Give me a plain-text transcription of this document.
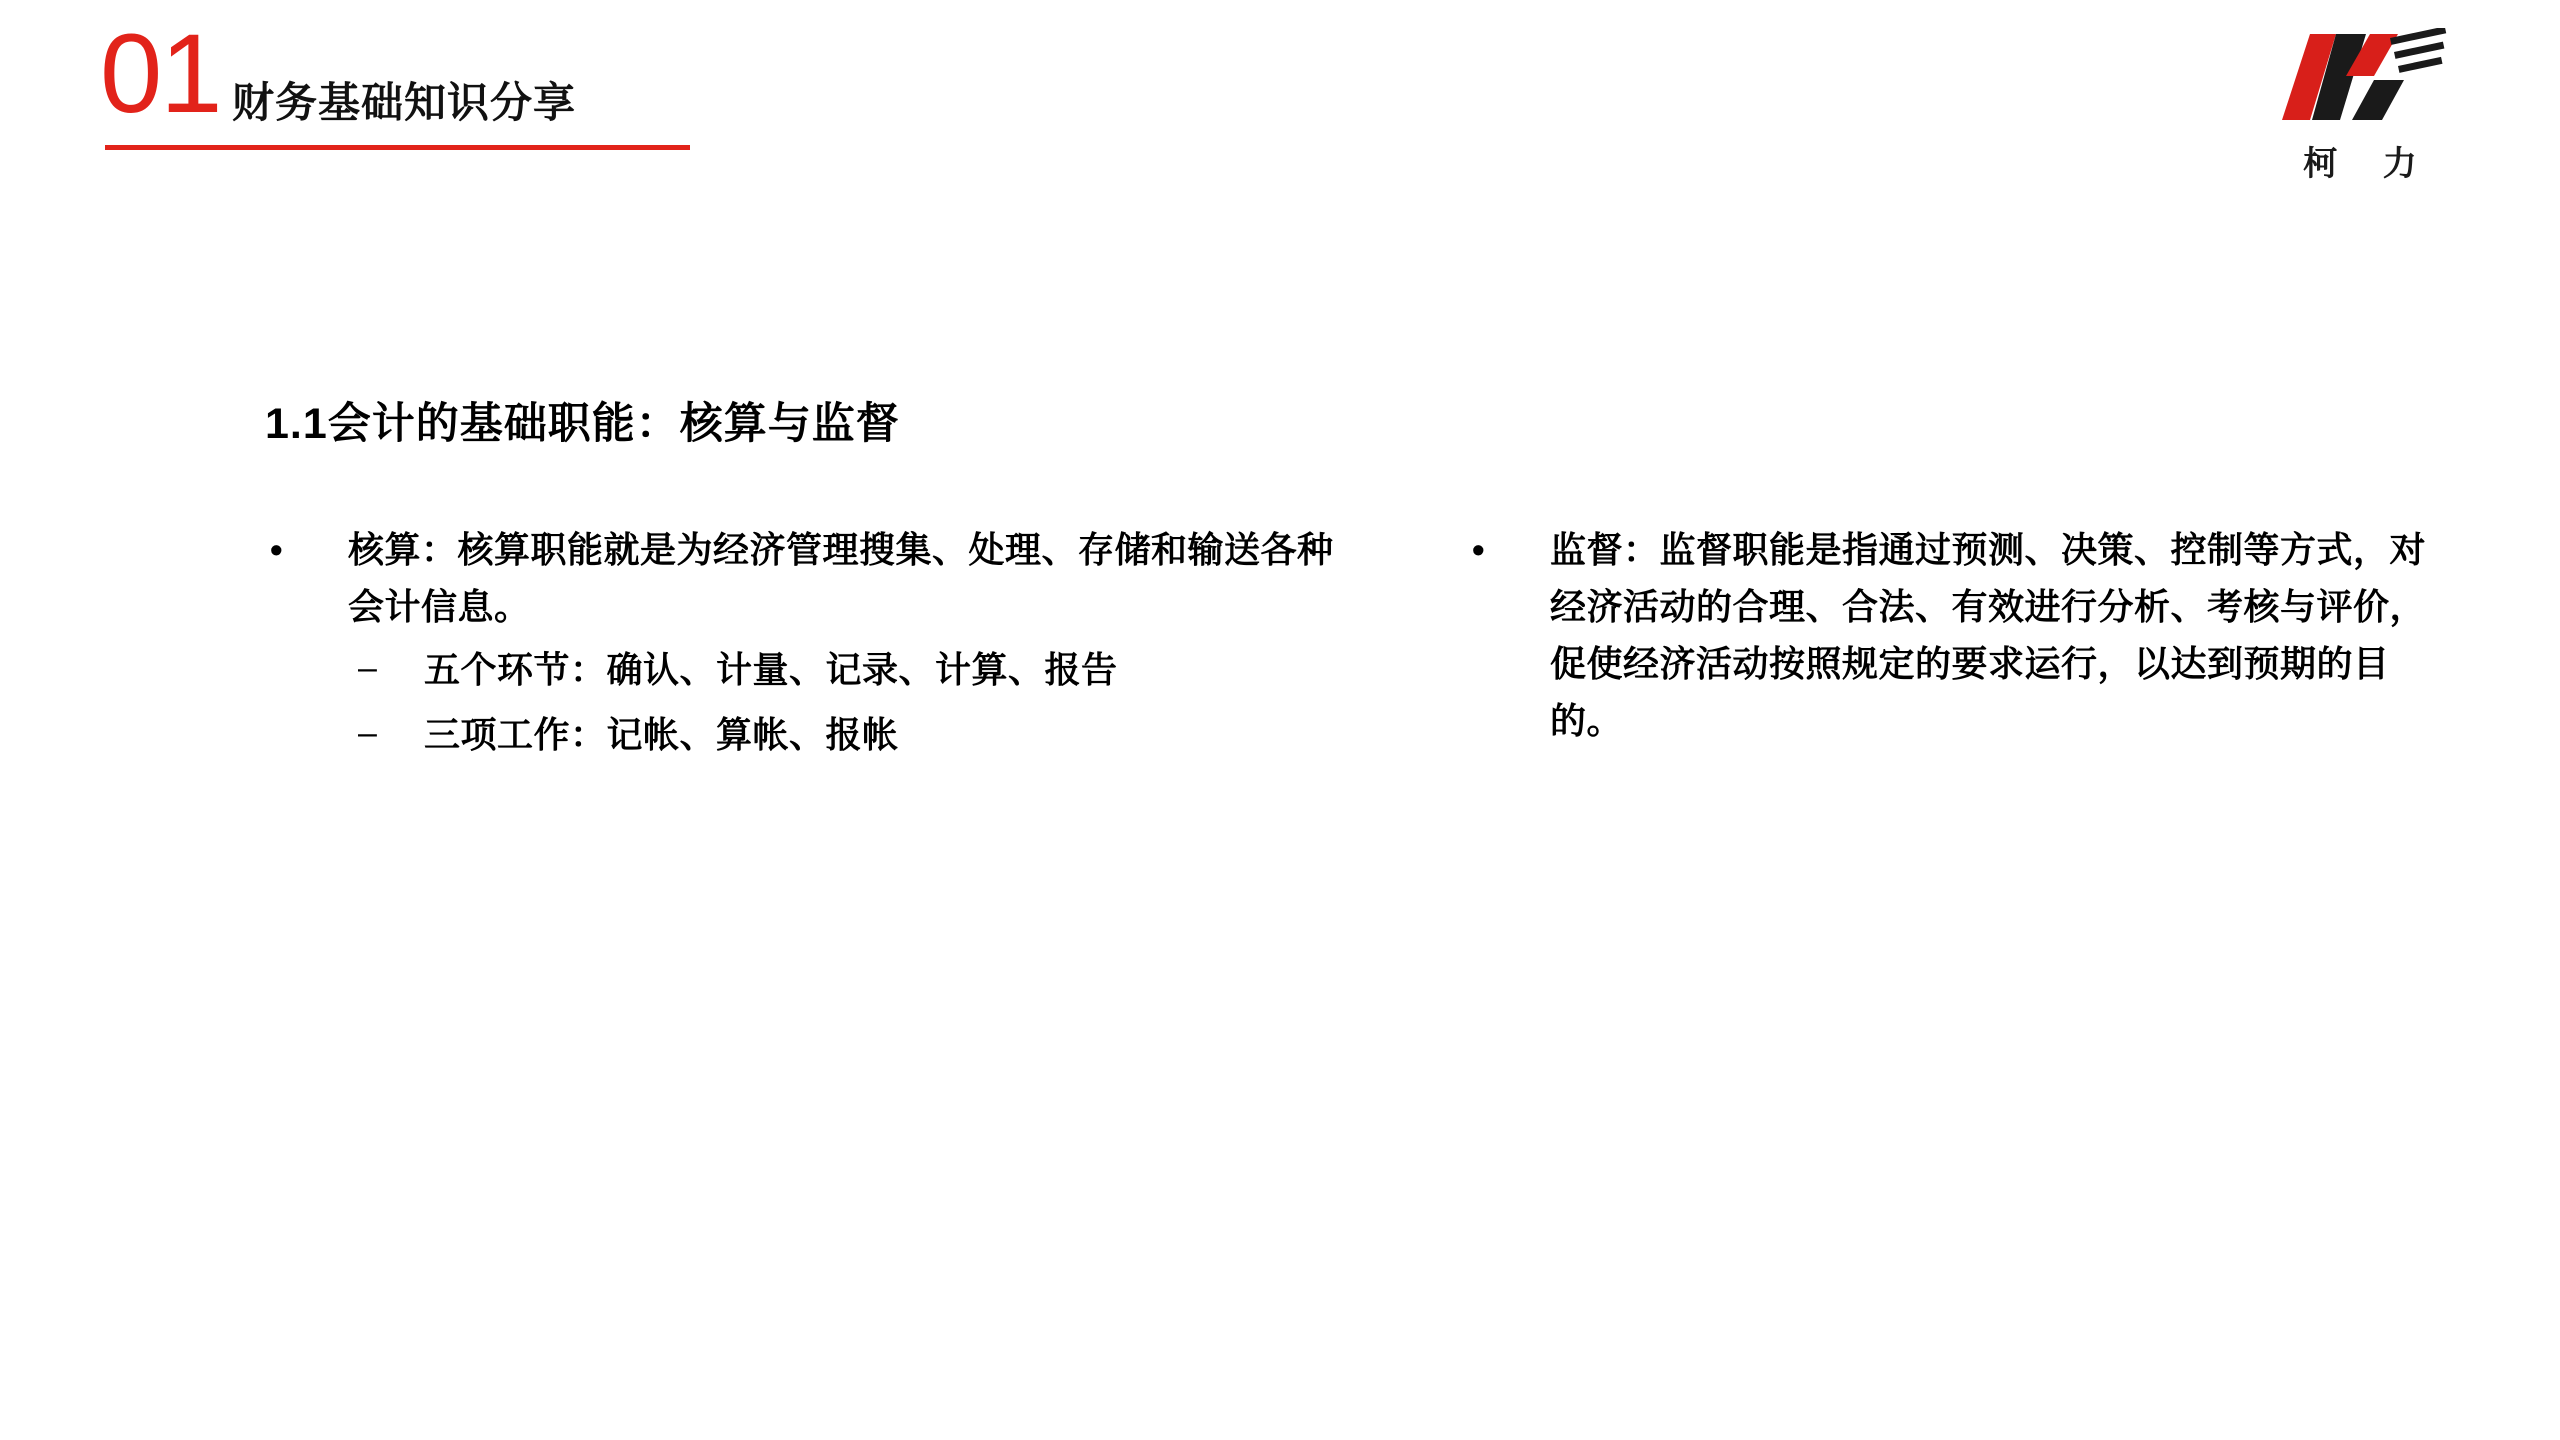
01 财务基础知识分享
柯 力
1.1会计的基础职能：核算与监督
• 核算：核算职能就是为经济管理搜集、处理、存储和输送各种会计信息。
– 五个环节：确认、计量、记录、计算、报告
– 三项工作：记帐、算帐、报帐
• 监督：监督职能是指通过预测、决策、控制等方式，对经济活动的合理、合法、有效进行分析、考核与评价，促使经济活动按照规定的要求运行，以达到预期的目的。
